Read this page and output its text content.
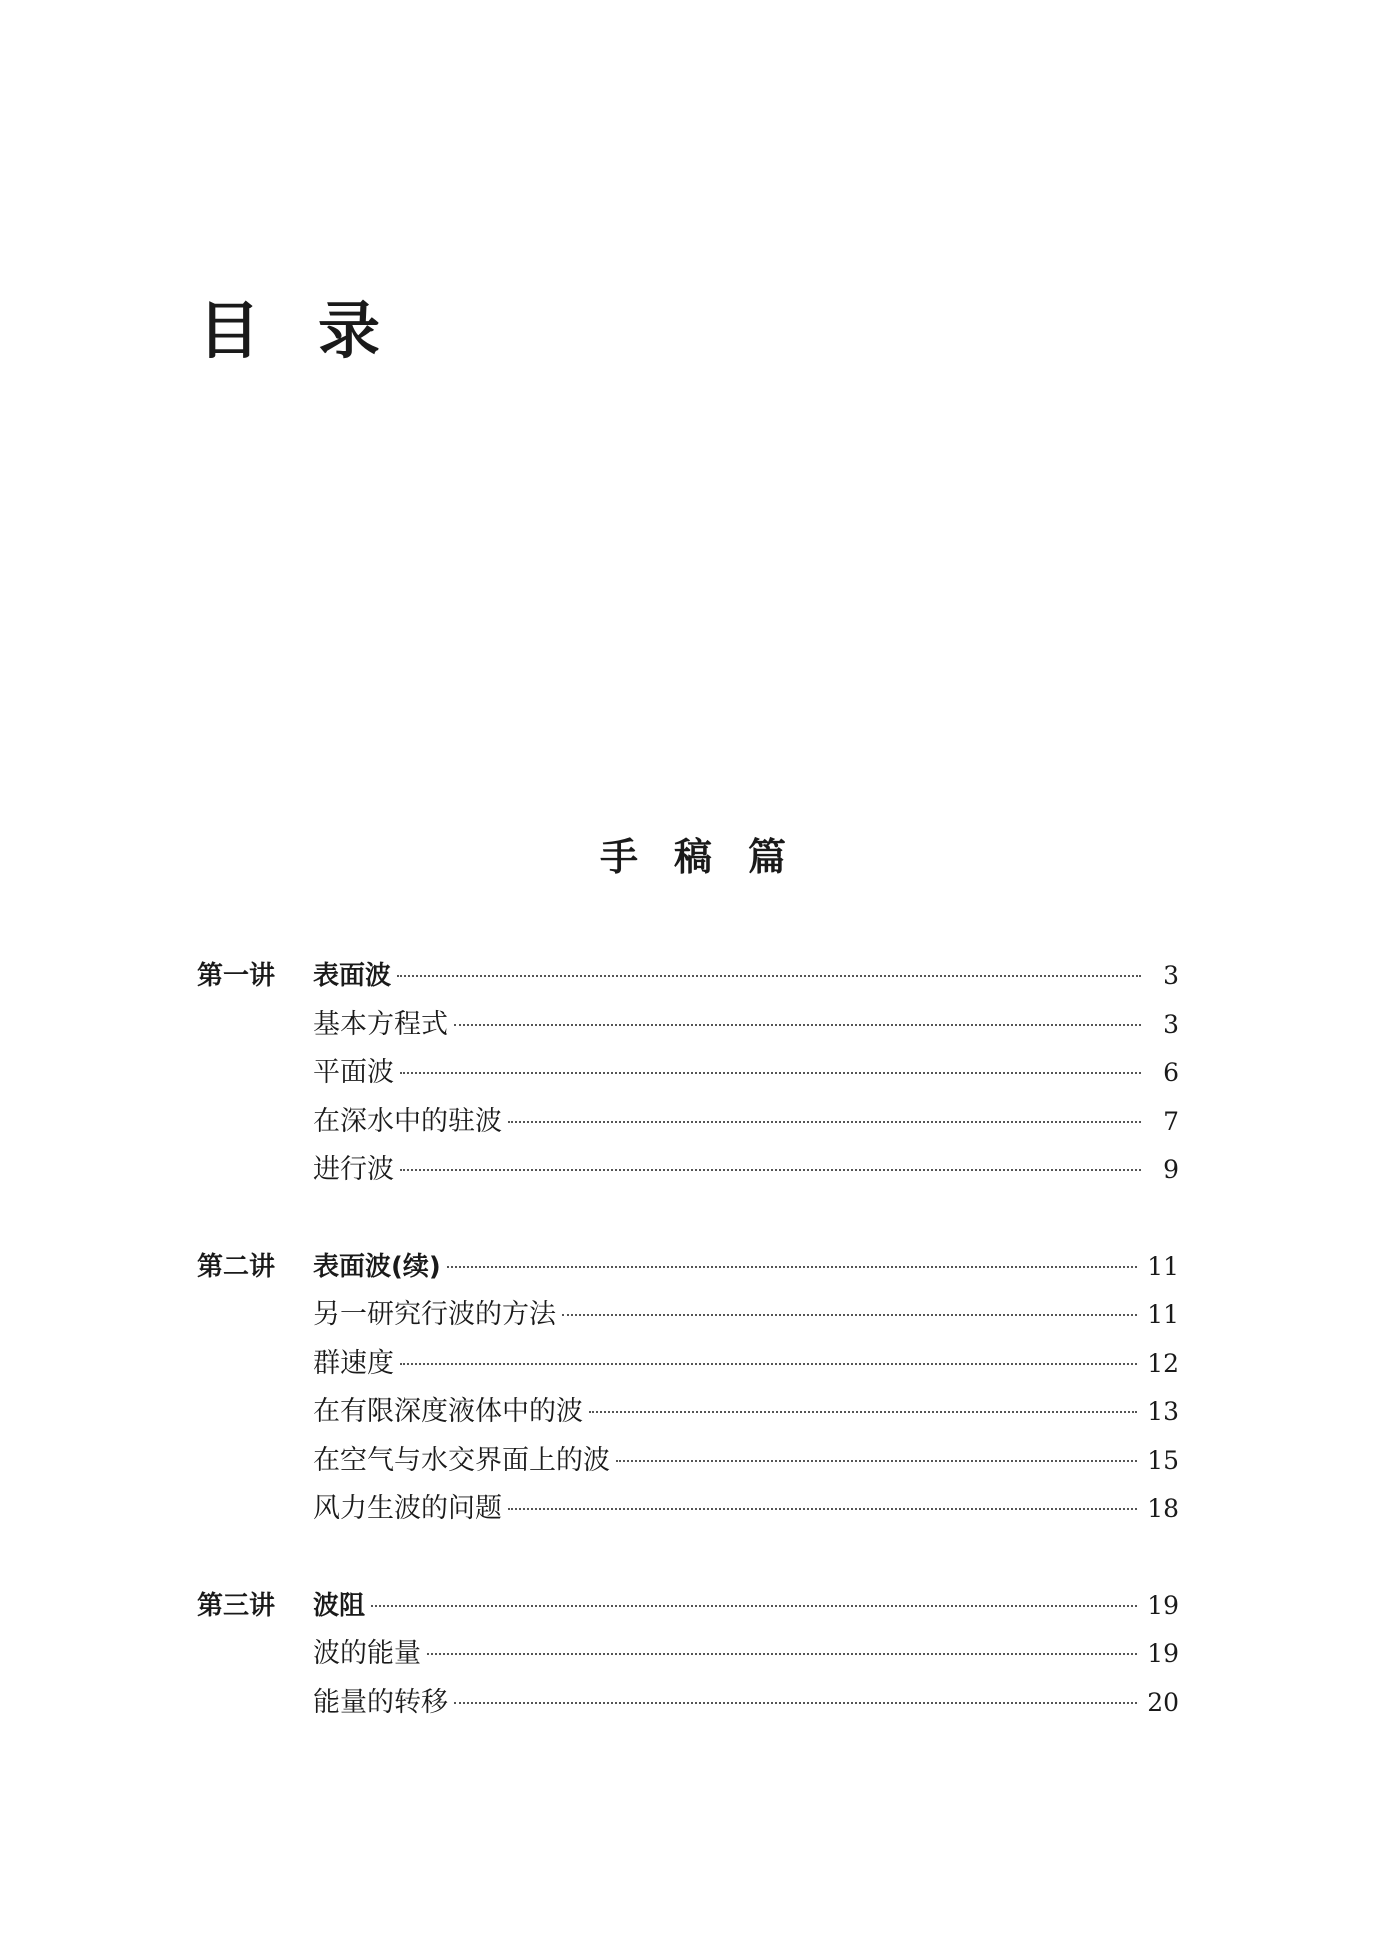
目录
手稿篇
第一讲	表面波	3
基本方程式	3
平面波	6
在深水中的驻波	7
进行波	9
第二讲	表面波(续)	11
另一研究行波的方法	11
群速度	12
在有限深度液体中的波	13
在空气与水交界面上的波	15
风力生波的问题	18
第三讲	波阻	19
波的能量	19
能量的转移	20
